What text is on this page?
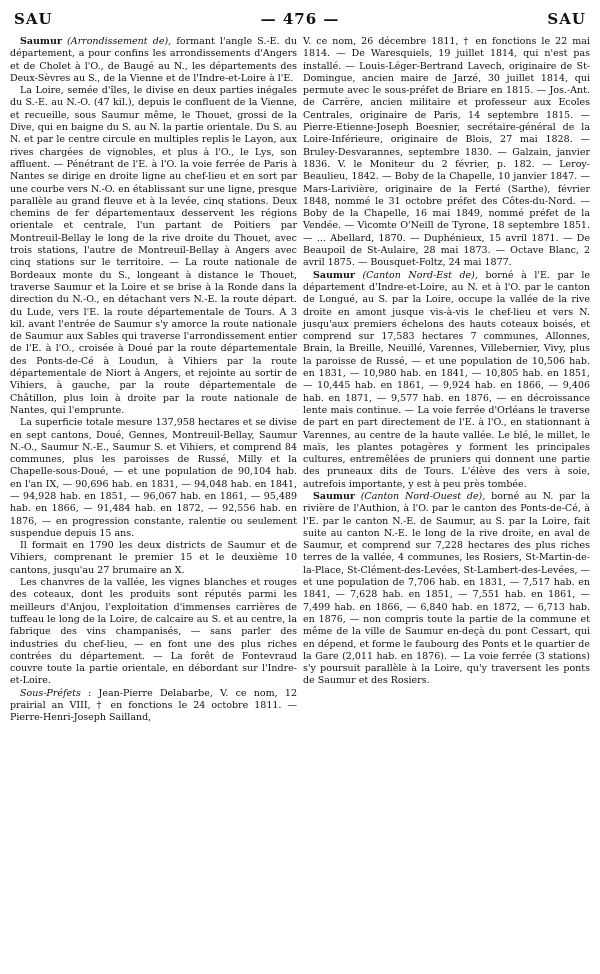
SAU	— 476 —	SAU

Saumur (Arrondissement de), formant l'angle S.-E. du département, a pour confins les arrondissements d'Angers et de Cholet à l'O., de Baugé au N., les départements des Deux-Sèvres au S., de la Vienne et de l'Indre-et-Loire à l'E.

La Loire, semée d'îles, le divise en deux parties inégales du S.-E. au N.-O. (47 kil.), depuis le confluent de la Vienne, et recueille, sous Saumur même, le Thouet, grossi de la Dive, qui en baigne du S. au N. la partie orientale. Du S. au N. et par le centre circule en multiples replis le Layon, aux rives chargées de vignobles, et plus à l'O., le Lys, son affluent. — Pénétrant de l'E. à l'O. la voie ferrée de Paris à Nantes se dirige en droite ligne au chef-lieu et en sort par une courbe vers N.-O. en établissant sur une ligne, presque parallèle au grand fleuve et à la levée, cinq stations. Deux chemins de fer départementaux desservent les régions orientale et centrale, l'un partant de Poitiers par Montreuil-Bellay le long de la rive droite du Thouet, avec trois stations, l'autre de Montreuil-Bellay à Angers avec cinq stations sur le territoire. — La route nationale de Bordeaux monte du S., longeant à distance le Thouet, traverse Saumur et la Loire et se brise à la Ronde dans la direction du N.-O., en détachant vers N.-E. la route départ. du Lude, vers l'E. la route départementale de Tours. A 3 kil. avant l'entrée de Saumur s'y amorce la route nationale de Saumur aux Sables qui traverse l'arrondissement entier de l'E. à l'O., croisée à Doué par la route départementale des Ponts-de-Cé à Loudun, à Vihiers par la route départementale de Niort à Angers, et rejointe au sortir de Vihiers, à gauche, par la route départementale de Châtillon, plus loin à droite par la route nationale de Nantes, qui l'emprunte.

La superficie totale mesure 137,958 hectares et se divise en sept cantons, Doué, Gennes, Montreuil-Bellay, Saumur N.-O., Saumur N.-E., Saumur S. et Vihiers, et comprend 84 communes, plus les paroisses de Russé, Milly et la Chapelle-sous-Doué, — et une population de 90,104 hab. en l'an IX, — 90,696 hab. en 1831, — 94,048 hab. en 1841, — 94,928 hab. en 1851, — 96,067 hab. en 1861, — 95,489 hab. en 1866, — 91,484 hab. en 1872, — 92,556 hab. en 1876, — en progression constante, ralentie ou seulement suspendue depuis 15 ans.

Il formait en 1790 les deux districts de Saumur et de Vihiers, comprenant le premier 15 et le deuxième 10 cantons, jusqu'au 27 brumaire an X.

Les chanvres de la vallée, les vignes blanches et rouges des coteaux, dont les produits sont réputés parmi les meilleurs d'Anjou, l'exploitation d'immenses carrières de tuffeau le long de la Loire, de calcaire au S. et au centre, la fabrique des vins champanisés, — sans parler des industries du chef-lieu, — en font une des plus riches contrées du département. — La forêt de Fontevraud couvre toute la partie orientale, en débordant sur l'Indre-et-Loire.

Sous-Préfets : Jean-Pierre Delabarbe, V. ce nom, 12 prairial an VIII, † en fonctions le 24 octobre 1811. — Pierre-Henri-Joseph Sailland,

V. ce nom, 26 décembre 1811, † en fonctions le 22 mai 1814. — De Waresquiels, 19 juillet 1814, qui n'est pas installé. — Louis-Léger-Bertrand Lavech, originaire de St-Domingue, ancien maire de Jarzé, 30 juillet 1814, qui permute avec le sous-préfet de Briare en 1815. — Jos.-Ant. de Carrère, ancien militaire et professeur aux Ecoles Centrales, originaire de Paris, 14 septembre 1815. — Pierre-Etienne-Joseph Boesnier, secrétaire-général de la Loire-Inférieure, originaire de Blois, 27 mai 1828. — Bruley-Desvarannes, septembre 1830. — Galzain, janvier 1836. V. le Moniteur du 2 février, p. 182. — Leroy-Beaulieu, 1842. — Boby de la Chapelle, 10 janvier 1847. — Mars-Larivière, originaire de la Ferté (Sarthe), février 1848, nommé le 31 octobre préfet des Côtes-du-Nord. — Boby de la Chapelle, 16 mai 1849, nommé préfet de la Vendée. — Vicomte O'Neill de Tyrone, 18 septembre 1851. — ... Abellard, 1870. — Duphénieux, 15 avril 1871. — De Beaupoil de St-Aulaire, 28 mai 1873. — Octave Blanc, 2 avril 1875. — Bousquet-Foltz, 24 mai 1877.

Saumur (Canton Nord-Est de), borné à l'E. par le département d'Indre-et-Loire, au N. et à l'O. par le canton de Longué, au S. par la Loire, occupe la vallée de la rive droite en amont jusque vis-à-vis le chef-lieu et vers N. jusqu'aux premiers échelons des hauts coteaux boisés, et comprend sur 17,583 hectares 7 communes, Allonnes, Brain, la Breille, Neuillé, Varennes, Villebernier, Vivy, plus la paroisse de Russé, — et une population de 10,506 hab. en 1831, — 10,980 hab. en 1841, — 10,805 hab. en 1851, — 10,445 hab. en 1861, — 9,924 hab. en 1866, — 9,406 hab. en 1871, — 9,577 hab. en 1876, — en décroissance lente mais continue. — La voie ferrée d'Orléans le traverse de part en part directement de l'E. à l'O., en stationnant à Varennes, au centre de la haute vallée. Le blé, le millet, le maïs, les plantes potagères y forment les principales cultures, entremêlées de pruniers qui donnent une partie des pruneaux dits de Tours. L'élève des vers à soie, autrefois importante, y est à peu près tombée.

Saumur (Canton Nord-Ouest de), borné au N. par la rivière de l'Authion, à l'O. par le canton des Ponts-de-Cé, à l'E. par le canton N.-E. de Saumur, au S. par la Loire, fait suite au canton N.-E. le long de la rive droite, en aval de Saumur, et comprend sur 7,228 hectares des plus riches terres de la vallée, 4 communes, les Rosiers, St-Martin-de-la-Place, St-Clément-des-Levées, St-Lambert-des-Levées, — et une population de 7,706 hab. en 1831, — 7,517 hab. en 1841, — 7,628 hab. en 1851, — 7,551 hab. en 1861, — 7,499 hab. en 1866, — 6,840 hab. en 1872, — 6,713 hab. en 1876, — non compris toute la partie de la commune et même de la ville de Saumur en-deçà du pont Cessart, qui en dépend, et forme le faubourg des Ponts et le quartier de la Gare (2,011 hab. en 1876). — La voie ferrée (3 stations) s'y poursuit parallèle à la Loire, qu'y traversent les ponts de Saumur et des Rosiers.
